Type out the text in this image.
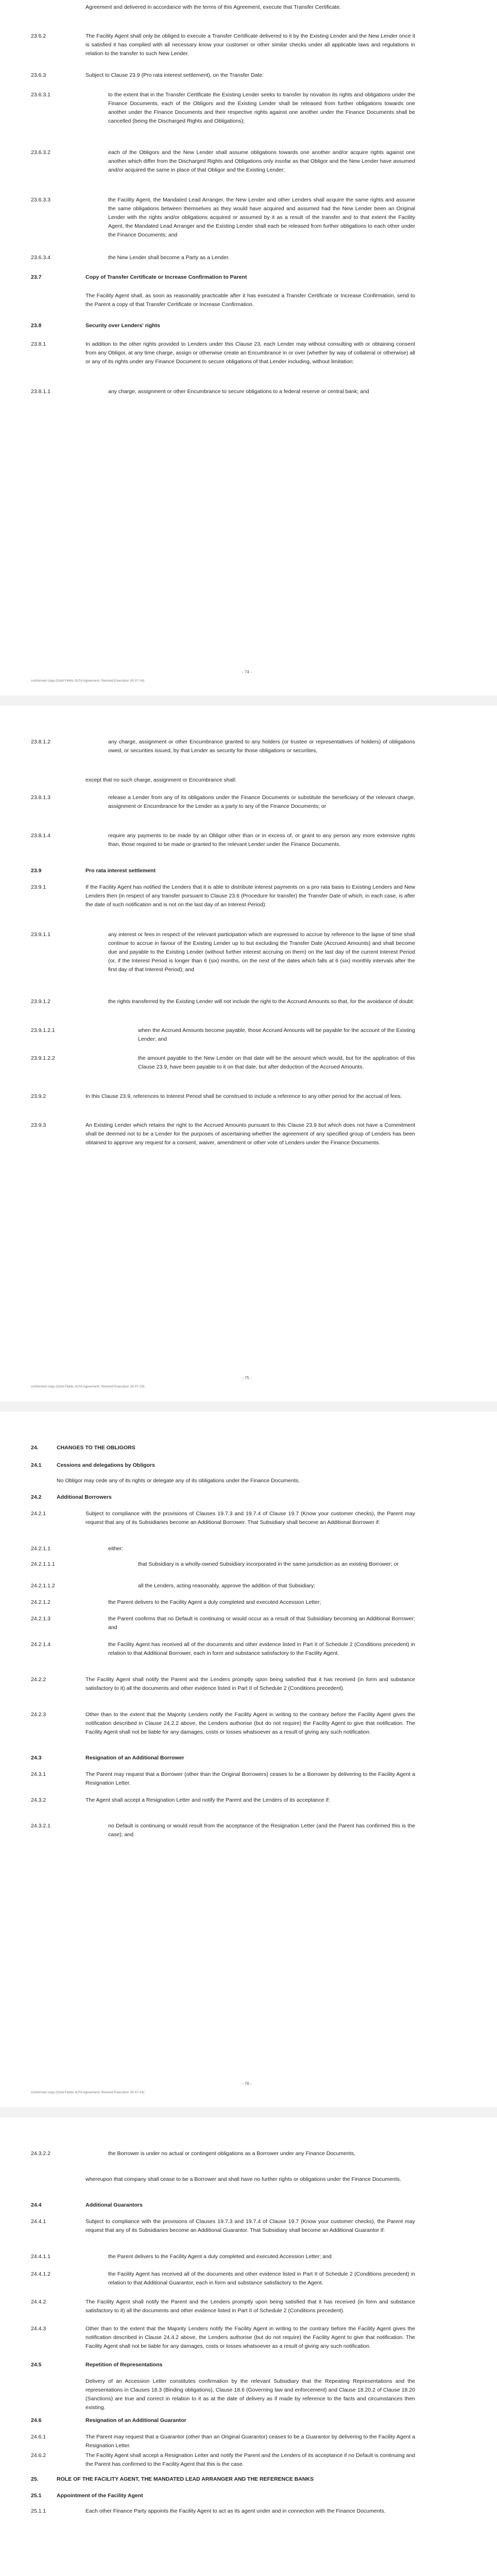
Agreement and delivered in accordance with the terms of this Agreement, execute that Transfer Certificate.
23.6.2	The Facility Agent shall only be obliged to execute a Transfer Certificate delivered to it by the Existing Lender and the New Lender once it is satisfied it has complied with all necessary know your customer or other similar checks under all applicable laws and regulations in relation to the transfer to such New Lender.
23.6.3	Subject to Clause 23.9 (Pro rata interest settlement), on the Transfer Date:
23.6.3.1	to the extent that in the Transfer Certificate the Existing Lender seeks to transfer by novation its rights and obligations under the Finance Documents, each of the Obligors and the Existing Lender shall be released from further obligations towards one another under the Finance Documents and their respective rights against one another under the Finance Documents shall be cancelled (being the Discharged Rights and Obligations);
23.6.3.2	each of the Obligors and the New Lender shall assume obligations towards one another and/or acquire rights against one another which differ from the Discharged Rights and Obligations only insofar as that Obligor and the New Lender have assumed and/or acquired the same in place of that Obligor and the Existing Lender;
23.6.3.3	the Facility Agent, the Mandated Lead Arranger, the New Lender and other Lenders shall acquire the same rights and assume the same obligations between themselves as they would have acquired and assumed had the New Lender been an Original Lender with the rights and/or obligations acquired or assumed by it as a result of the transfer and to that extent the Facility Agent, the Mandated Lead Arranger and the Existing Lender shall each be released from further obligations to each other under the Finance Documents; and
23.6.3.4	the New Lender shall become a Party as a Lender.
23.7	Copy of Transfer Certificate or Increase Confirmation to Parent
The Facility Agent shall, as soon as reasonably practicable after it has executed a Transfer Certificate or Increase Confirmation, send to the Parent a copy of that Transfer Certificate or Increase Confirmation.
23.8	Security over Lenders' rights
23.8.1	In addition to the other rights provided to Lenders under this Clause 23, each Lender may without consulting with or obtaining consent from any Obligor, at any time charge, assign or otherwise create an Encumbrance in or over (whether by way of collateral or otherwise) all or any of its rights under any Finance Document to secure obligations of that Lender including, without limitation:
23.8.1.1	any charge, assignment or other Encumbrance to secure obligations to a federal reserve or central bank; and
conformed copy (Gold Fields 3LFA Agreement; Revised Execution 30-07-14)
- 74 -
23.8.1.2	any charge, assignment or other Encumbrance granted to any holders (or trustee or representatives of holders) of obligations owed, or securities issued, by that Lender as security for those obligations or securities,
except that no such charge, assignment or Encumbrance shall:
23.8.1.3	release a Lender from any of its obligations under the Finance Documents or substitute the beneficiary of the relevant charge, assignment or Encumbrance for the Lender as a party to any of the Finance Documents; or
23.8.1.4	require any payments to be made by an Obligor other than or in excess of, or grant to any person any more extensive rights than, those required to be made or granted to the relevant Lender under the Finance Documents.
23.9	Pro rata interest settlement
23.9.1	If the Facility Agent has notified the Lenders that it is able to distribute interest payments on a pro rata basis to Existing Lenders and New Lenders then (in respect of any transfer pursuant to Clause 23.6 (Procedure for transfer) the Transfer Date of which, in each case, is after the date of such notification and is not on the last day of an Interest Period):
23.9.1.1	any interest or fees in respect of the relevant participation which are expressed to accrue by reference to the lapse of time shall continue to accrue in favour of the Existing Lender up to but excluding the Transfer Date (Accrued Amounts) and shall become due and payable to the Existing Lender (without further interest accruing on them) on the last day of the current Interest Period (or, if the Interest Period is longer than 6 (six) months, on the next of the dates which falls at 6 (six) monthly intervals after the first day of that Interest Period); and
23.9.1.2	the rights transferred by the Existing Lender will not include the right to the Accrued Amounts so that, for the avoidance of doubt:
23.9.1.2.1	when the Accrued Amounts become payable, those Accrued Amounts will be payable for the account of the Existing Lender; and
23.9.1.2.2	the amount payable to the New Lender on that date will be the amount which would, but for the application of this Clause 23.9, have been payable to it on that date, but after deduction of the Accrued Amounts.
23.9.2	In this Clause 23.9, references to Interest Period shall be construed to include a reference to any other period for the accrual of fees.
23.9.3	An Existing Lender which retains the right to the Accrued Amounts pursuant to this Clause 23.9 but which does not have a Commitment shall be deemed not to be a Lender for the purposes of ascertaining whether the agreement of any specified group of Lenders has been obtained to approve any request for a consent, waiver, amendment or other vote of Lenders under the Finance Documents.
- 75 -
conformed copy (Gold Fields 3LFA Agreement; Revised Execution 30-07-14)
24.	CHANGES TO THE OBLIGORS
24.1	Cessions and delegations by Obligors
No Obligor may cede any of its rights or delegate any of its obligations under the Finance Documents.
24.2	Additional Borrowers
24.2.1	Subject to compliance with the provisions of Clauses 19.7.3 and 19.7.4 of Clause 19.7 (Know your customer checks), the Parent may request that any of its Subsidiaries become an Additional Borrower. That Subsidiary shall become an Additional Borrower if:
24.2.1.1	either:
24.2.1.1.1	that Subsidiary is a wholly-owned Subsidiary incorporated in the same jurisdiction as an existing Borrower; or
24.2.1.1.2	all the Lenders, acting reasonably, approve the addition of that Subsidiary;
24.2.1.2	the Parent delivers to the Facility Agent a duly completed and executed Accession Letter;
24.2.1.3	the Parent confirms that no Default is continuing or would occur as a result of that Subsidiary becoming an Additional Borrower; and
24.2.1.4	the Facility Agent has received all of the documents and other evidence listed in Part II of Schedule 2 (Conditions precedent) in relation to that Additional Borrower, each in form and substance satisfactory to the Facility Agent.
24.2.2	The Facility Agent shall notify the Parent and the Lenders promptly upon being satisfied that it has received (in form and substance satisfactory to it) all the documents and other evidence listed in Part II of Schedule 2 (Conditions precedent).
24.2.3	Other than to the extent that the Majority Lenders notify the Facility Agent in writing to the contrary before the Facility Agent gives the notification described in Clause 24.2.2 above, the Lenders authorise (but do not require) the Facility Agent to give that notification. The Facility Agent shall not be liable for any damages, costs or losses whatsoever as a result of giving any such notification.
24.3	Resignation of an Additional Borrower
24.3.1	The Parent may request that a Borrower (other than the Original Borrowers) ceases to be a Borrower by delivering to the Facility Agent a Resignation Letter.
24.3.2	The Agent shall accept a Resignation Letter and notify the Parent and the Lenders of its acceptance if:
24.3.2.1	no Default is continuing or would result from the acceptance of the Resignation Letter (and the Parent has confirmed this is the case); and
- 76 -
conformed copy (Gold Fields 3LFA Agreement; Revised Execution 30-07-14)
24.3.2.2	the Borrower is under no actual or contingent obligations as a Borrower under any Finance Documents,
whereupon that company shall cease to be a Borrower and shall have no further rights or obligations under the Finance Documents.
24.4	Additional Guarantors
24.4.1	Subject to compliance with the provisions of Clauses 19.7.3 and 19.7.4 of Clause 19.7 (Know your customer checks), the Parent may request that any of its Subsidiaries become an Additional Guarantor. That Subsidiary shall become an Additional Guarantor if:
24.4.1.1	the Parent delivers to the Facility Agent a duly completed and executed Accession Letter; and
24.4.1.2	the Facility Agent has received all of the documents and other evidence listed in Part II of Schedule 2 (Conditions precedent) in relation to that Additional Guarantor, each in form and substance satisfactory to the Agent.
24.4.2	The Facility Agent shall notify the Parent and the Lenders promptly upon being satisfied that it has received (in form and substance satisfactory to it) all the documents and other evidence listed in Part II of Schedule 2 (Conditions precedent).
24.4.3	Other than to the extent that the Majority Lenders notify the Facility Agent in writing to the contrary before the Facility Agent gives the notification described in Clause 24.4.2 above, the Lenders authorise (but do not require) the Facility Agent to give that notification. The Facility Agent shall not be liable for any damages, costs or losses whatsoever as a result of giving any such notification.
24.5	Repetition of Representations
Delivery of an Accession Letter constitutes confirmation by the relevant Subsidiary that the Repeating Representations and the representations in Clauses 18.3 (Binding obligations), Clause 18.6 (Governing law and enforcement) and Clause 18.20.2 of Clause 18.20 (Sanctions) are true and correct in relation to it as at the date of delivery as if made by reference to the facts and circumstances then existing.
24.6	Resignation of an Additional Guarantor
24.6.1	The Parent may request that a Guarantor (other than an Original Guarantor) ceases to be a Guarantor by delivering to the Facility Agent a Resignation Letter.
24.6.2	The Facility Agent shall accept a Resignation Letter and notify the Parent and the Lenders of its acceptance if no Default is continuing and the Parent has confirmed to the Facility Agent that this is the case.
25.	ROLE OF THE FACILITY AGENT, THE MANDATED LEAD ARRANGER AND THE REFERENCE BANKS
25.1	Appointment of the Facility Agent
25.1.1	Each other Finance Party appoints the Facility Agent to act as its agent under and in connection with the Finance Documents.
